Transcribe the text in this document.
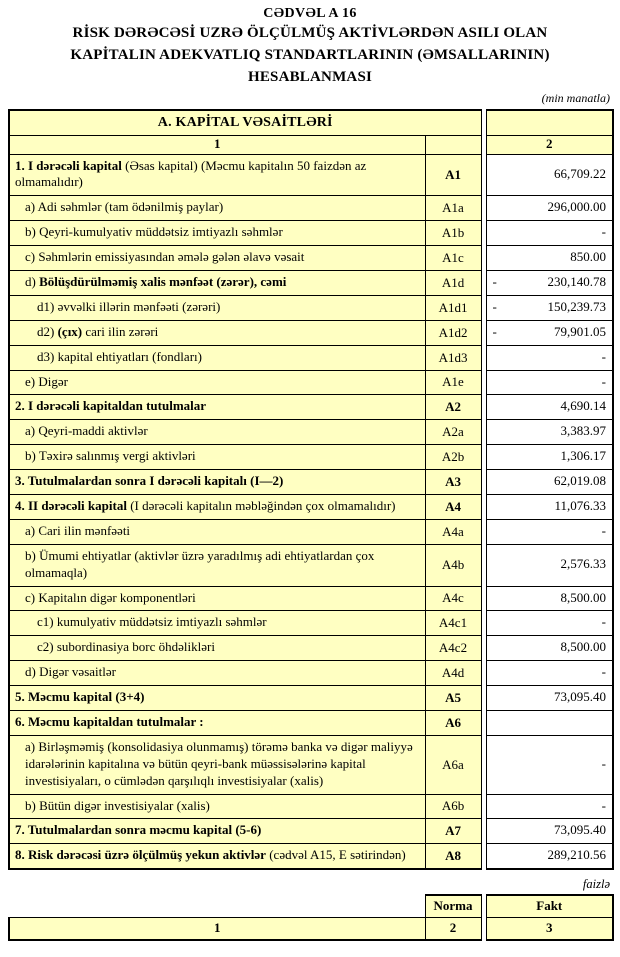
CƏDVƏL A 16
RİSK DƏRƏCƏSİ UZRƏ ÖLÇÜLMÜŞ AKTİVLƏRDƏN ASILI OLAN
KAPİTALIN ADEKVATLIQ STANDARTLARININ (ƏMSALLARININ)
HESABLANMASI
(min manatla)
A. KAPİTAL VƏSAİTLƏRİ			
1			2
1. I dərəcəli kapital (Əsas kapital) (Məcmu kapitalın 50 faizdən az olmamalıdır)	A1		66,709.22
a) Adi səhmlər (tam ödənilmiş paylar)	A1a		296,000.00
b) Qeyri-kumulyativ müddətsiz imtiyazlı səhmlər	A1b		-
c) Səhmlərin emissiyasından əmələ gələn əlavə vəsait	A1c		850.00
d) Bölüşdürülməmiş xalis mənfəət (zərər), cəmi	A1d		- 230,140.78
d1) əvvəlki illərin mənfəəti (zərəri)	A1d1		- 150,239.73
d2) (çıx) cari ilin zərəri	A1d2		- 79,901.05
d3) kapital ehtiyatları (fondları)	A1d3		-
e) Digər	A1e		-
2. I dərəcəli kapitaldan tutulmalar	A2		4,690.14
a) Qeyri-maddi aktivlər	A2a		3,383.97
b) Təxirə salınmış vergi aktivləri	A2b		1,306.17
3. Tutulmalardan sonra I dərəcəli kapitalı (I—2)	A3		62,019.08
4. II dərəcəli kapital (I dərəcəli kapitalın məbləğindən çox olmamalıdır)	A4		11,076.33
a) Cari ilin mənfəəti	A4a		-
b) Ümumi ehtiyatlar (aktivlər üzrə yaradılmış adi ehtiyatlardan çox olmamaqla)	A4b		2,576.33
c) Kapitalın digər komponentləri	A4c		8,500.00
c1) kumulyativ müddətsiz imtiyazlı səhmlər	A4c1		-
c2) subordinasiya borc öhdəlikləri	A4c2		8,500.00
d) Digər vəsaitlər	A4d		-
5. Məcmu kapital (3+4)	A5		73,095.40
6. Məcmu kapitaldan tutulmalar :	A6		

a) Birləşməmiş (konsolidasiya olunmamış) törəmə banka və digər maliyyə idarələrinin kapitalına və bütün qeyri-bank müəssisələrinə kapital investisiyaları, o cümlədən qarşılıqlı investisiyalar (xalis)	A6a		-
b) Bütün digər investisiyalar (xalis)	A6b		-
7. Tutulmalardan sonra məcmu kapital (5-6)	A7		73,095.40
8. Risk dərəcəsi üzrə ölçülmüş yekun aktivlər (cədvəl A15, E sətirindən)	A8		289,210.56
faizlə
	Norma		Fakt
1	2		3
